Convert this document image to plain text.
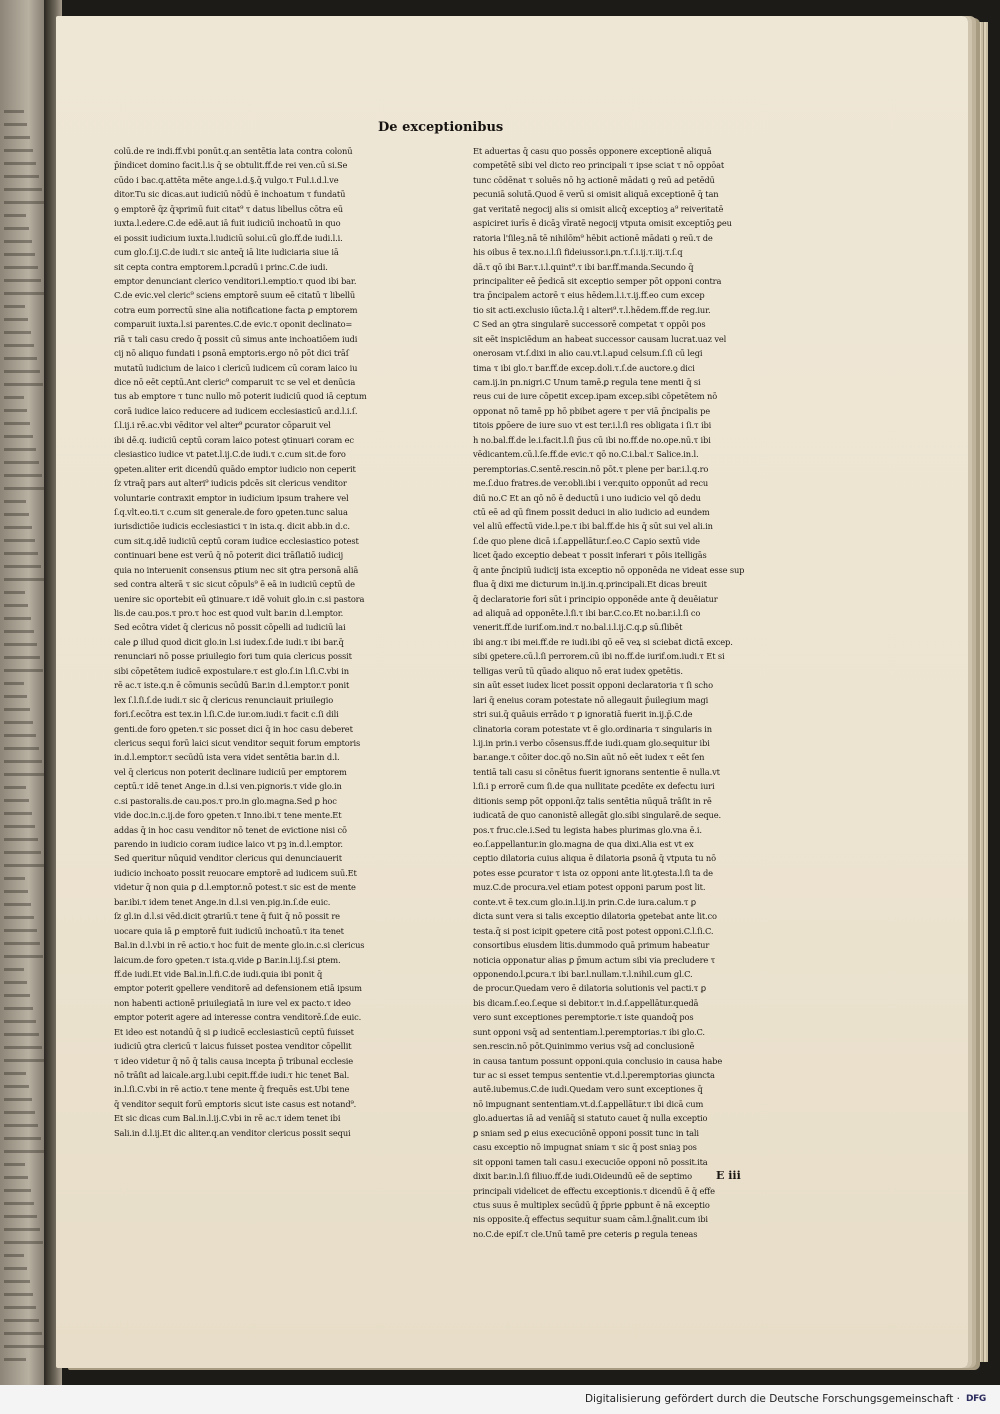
De exceptionibus
colū.de re indi.ff.vbi ponūt.q.an sentētia lata contra colonū
p̄indicet domino facit.l.is q̄ se obtulit.ff.de rei ven.cū si.Se
cūdo i bac.q.attēta mēte ange.i.d.§.q̄ vulgo.τ Ful.i.d.l.ve
ditor.Tu sic dicas.aut iudiciū nōdū ē inchoatum τ fundatū
ꝯ emptorē q̄z q̄ꝛprimū fuit citat⁹ τ datus libellus cōtra eū
iuxta.l.edere.C.de edē.aut iā fuit iudiciū inchoatū in quo
ei possit iudicium iuxta.l.iudiciū solui.cū glo.ff.de iudi.l.i.
cum glo.ſ.ij.C.de iudi.τ sic anteq̄ iā lite iudiciaria siue iā
sit cepta contra emptorem.l.ꝑcradū i princ.C.de iudi.
emptor denunciant clerico venditori.l.emptio.τ quod ibi bar.
C.de evic.vel cleric⁹ sciens emptorē suum eē citatū τ libellū
cotra eum porrectū sine alia notificatione facta ꝑ emptorem
comparuit iuxta.l.si parentes.C.de evic.τ oponit declinato=
riā τ tali casu credo q̄ possit cū simus ante inchoatiōem iudi
cij nō aliquo fundati i ꝑsonā emptoris.ergo nō pōt dici trāſ
mutatū iudicium de laico i clericū iudicem cū coram laico iu
dice nō eēt ceptū.Ant cleric⁹ comparuit τc se vel et denūcia
tus ab emptore τ tunc nullo mō poterit iudiciū quod iā ceptum
corā iudice laico reducere ad iudicem ecclesiasticū ar.d.l.i.ſ.
ſ.l.ij.i rē.ac.vbi vēditor vel alter⁹ ꝑcurator cōparuit vel
ibi dē.q. iudiciū ceptū coram laico potest ꝯtinuari coram ec
clesiastico iudice vt patet.l.ij.C.de iudi.τ c.cum sit.de foro
ꝯpeten.aliter erit dicendū quādo emptor iudicio non ceperit
ſz vtraq̄ pars aut alteri⁹ iudicis pdcēs sit clericus venditor
voluntarie contraxit emptor in iudicium ipsum trahere vel
ſ.q.vlt.eo.ti.τ c.cum sit generale.de foro ꝯpeten.tunc salua
iurisdictiōe iudicis ecclesiastici τ in ista.q. dicit abb.in d.c.
cum sit.q.idē iudiciū ceptū coram iudice ecclesiastico potest
continuari bene est verū q̄ nō poterit dici trāſlatiō iudicij
quia no interuenit consensus ꝑtium nec sit ꝯtra personā aliā
sed contra alterā τ sic sicut cōpuls⁹ ē eā in iudiciū ceptū de
uenire sic oportebit eū ꝯtinuare.τ idē voluit glo.in c.si pastora
lis.de cau.pos.τ pro.τ hoc est quod vult bar.in d.l.emptor.
Sed ecōtra videt q̄ clericus nō possit cōpelli ad iudiciū lai
cale ꝑ illud quod dicit glo.in l.si iudex.ſ.de iudi.τ ibi bar.q̄
renunciari nō posse priuilegio fori tum quia clericus possit
sibi cōpetētem iudicē expostulare.τ est glo.ſ.in l.ſi.C.vbi in
rē ac.τ iste.q.n ē cōmunis secūdū Bar.in d.l.emptor.τ ponit
lex ſ.l.ſi.ſ.de iudi.τ sic q̄ clericus renunciauit priuilegio
fori.ſ.ecōtra est tex.in l.ſi.C.de iur.om.iudi.τ facit c.ſi dili
genti.de foro ꝯpeten.τ sic posset dici q̄ in hoc casu deberet
clericus sequi forū laici sicut venditor sequit forum emptoris
in.d.l.emptor.τ secūdū ista vera videt sentētia bar.in d.l.
vel q̄ clericus non poterit declinare iudiciū per emptorem
ceptū.τ idē tenet Ange.in d.l.si ven.pignoris.τ vide glo.in
c.si pastoralis.de cau.pos.τ pro.in glo.magna.Sed ꝑ hoc
vide doc.in.c.ij.de foro ꝯpeten.τ Inno.ibi.τ tene mente.Et
addas q̄ in hoc casu venditor nō tenet de evictione nisi cō
parendo in iudicio coram iudice laico vt pꝫ in.d.l.emptor.
Sed queritur nūquid venditor clericus qui denunciauerit
iudicio inchoato possit reuocare emptorē ad iudicem suū.Et
videtur q̄ non quia ꝑ d.l.emptor.nō potest.τ sic est de mente
bar.ibi.τ idem tenet Ange.in d.l.si ven.pig.in.ſ.de euic.
ſz gl.in d.l.si vēd.dicit ꝯtrariū.τ tene q̄ fuit q̄ nō possit re
uocare quia iā ꝑ emptorē fuit iudiciū inchoatū.τ ita tenet
Bal.in d.l.vbi in rē actio.τ hoc fuit de mente glo.in.c.si clericus
laicum.de foro ꝯpeten.τ ista.q.vide ꝑ Bar.in.l.ij.ſ.si ꝑtem.
ff.de iudi.Et vide Bal.in.l.fi.C.de iudi.quia ibi ponit q̄
emptor poterit ꝯpellere venditorē ad defensionem etiā ipsum
non habenti actionē priuilegiatā in iure vel ex pacto.τ ideo
emptor poterit agere ad interesse contra venditorē.ſ.de euic.
Et ideo est notandū q̄ si ꝑ iudicē ecclesiasticū ceptū fuisset
iudiciū ꝯtra clericū τ laicus fuisset postea venditor cōpellit
τ ideo videtur q̄ nō q̄ talis causa incepta p̄ tribunal ecclesie
nō trāſit ad laicale.arg.l.ubi cepit.ff.de iudi.τ hic tenet Bal.
in.l.ſi.C.vbi in rē actio.τ tene mente q̄ frequēs est.Ubi tene
q̄ venditor sequit forū emptoris sicut iste casus est notand⁹.
Et sic dicas cum Bal.in.l.ij.C.vbi in rē ac.τ idem tenet ibi
Sali.in d.l.ij.Et dic aliter.q.an venditor clericus possit sequi
Et aduertas q̄ casu quo possēs opponere exceptionē aliquā
competētē sibi vel dicto reo principali τ ipse sciat τ nō oppōat
tunc cōdēnat τ soluēs nō hꝫ actionē mādati ꝯ reū ad petēdū
pecuniā solutā.Quod ē verū si omisit aliquā exceptionē q̄ tan
gat veritatē negocij alis si omisit alicq̄ exceptioꝫ a⁹ reiveritatē
aspiciret iurīs ē dicāꝫ vīratē negocij vtputa omisit exceptiōꝫ ꝑeu
ratoria l'ſileꝫ.nā tē nihilōm⁹ hēbit actionē mādati ꝯ reū.τ de
his oibus ē tex.no.i.l.ſi fideiussor.i.ꝑn.τ.ſ.i.ij.τ.iij.τ.ſ.q
dā.τ qō ibi Bar.τ.i.l.quint⁹.τ ibi bar.ff.manda.Secundo q̄
principaliter eē p̄edicā sit exceptio semper pōt opponi contra
tra p̄ncipalem actorē τ eius hēdem.l.i.τ.ij.ff.eo cum excep
tio sit acti.exclusio iūcta.l.q̄ i alteri⁹.τ.l.hēdem.ff.de reg.iur.
C Sed an ꝯtra singularē successorē competat τ oppōi pos
sit eēt inspiciēdum an habeat successor causam lucrat.uaz vel
onerosam vt.ſ.dixi in alio cau.vt.l.apud celsum.ſ.ſi cū legi
tima τ ibi glo.τ bar.ff.de excep.doli.τ.ſ.de auctore.ꝯ dici
cam.ij.in pn.nigri.C Unum tamē.ꝑ regula tene menti q̄ si
reus cui de iure cōpetit excep.ipam excep.sibi cōpetētem nō
opponat nō tamē pp hō pbibet agere τ per viā p̄ncipalis pe
titois ꝑpōere de iure suo vt est ter.i.l.ſi res obligata i ſi.τ ibi
h no.bal.ff.de le.i.facit.l.ſi p̄us cū ibi no.ff.de no.ope.nū.τ ibi
vēdicantem.cū.l.ſe.ff.de evic.τ qō no.C.i.bal.τ Salice.in.l.
peremptorias.C.sentē.rescin.nō pōt.τ plene per bar.i.l.q.ro
me.ſ.duo fratres.de ver.obli.ibi i ver.quito opponūt ad recu
diū no.C Et an qō nō ē deductū i uno iudicio vel qō dedu
ctū eē ad qū finem possit deduci in alio iudicio ad eundem
vel aliū effectū vide.l.pe.τ ibi bal.ff.de his q̄ sūt sui vel ali.in
ſ.de quo plene dicā i.ſ.appellātur.ſ.eo.C Capio sextū vide
licet q̄ado exceptio debeat τ possit inferari τ ꝑōis itelligās
q̄ ante p̄ncipiū iudicij ista exceptio nō opponēda ne videat esse sup
flua q̄ dixi me dicturum in.ij.in.q.principali.Et dicas breuit
q̄ declaratorie fori sūt i principio opponēde ante q̄ deuēiatur
ad aliquā ad opponēte.l.ſi.τ ibi bar.C.co.Et no.bar.i.l.ſi co
venerit.ff.de iurif.om.ind.τ no.bal.i.l.ij.C.q.ꝑ sū.ſlibēt
ibi ang.τ ibi mei.ff.de re iudi.ibi qō eē veꝝ si sciebat dictā excep.
sibi ꝯpetere.cū.l.ſi perrorem.cū ibi no.ff.de iurif.om.iudi.τ Et si
telligas verū tū qūado aliquo nō erat iudex ꝯpetētis.
sin aūt esset iudex licet possit opponi declaratoria τ ſi scho
lari q̄ eneius coram potestate nō allegauit p̄uilegium magi
stri sui.q̄ quāuis errādo τ ꝑ ignoratiā fuerit in.ij.p̄.C.de
clinatoria coram potestate vt ē glo.ordinaria τ singularis in
l.ij.in prin.i verbo cōsensus.ff.de iudi.quam glo.sequitur ibi
bar.ange.τ cōiter doc.qō no.Sin aūt nō eēt iudex τ eēt ſen
tentiā tali casu si cōnētus fuerit ignorans sententie ē nulla.vt
l.ſi.i p errorē cum ſi.de qua nullitate ꝑcedēte ex defectu iuri
ditionis semꝑ pōt opponi.q̄z talis sentētia nūquā trāſit in rē
iudicatā de quo canonistē allegāt glo.sibi singularē.de seque.
pos.τ fruc.cle.i.Sed tu legista habes plurimas glo.vna ē.i.
eo.ſ.appellantur.in glo.magna de qua dixi.Alia est vt ex
ceptio dilatoria cuius aliqua ē dilatoria ꝑsonā q̄ vtputa tu nō
potes esse ꝑcurator τ ista oz opponi ante lit.ꝯtesta.l.ſi ta de
muz.C.de procura.vel etiam potest opponi parum post lit.
conte.vt ē tex.cum glo.in.l.ij.in prin.C.de iura.calum.τ ꝑ
dicta sunt vera si talis exceptio dilatoria ꝯpetebat ante lit.co
testa.q̄ si post icipit ꝯpetere citā post potest opponi.C.l.ſi.C.
consortibus eiusdem litis.dummodo quā primum habeatur
noticia opponatur alias ꝑ p̄mum actum sibi via precludere τ
opponendo.l.ꝑcura.τ ibi bar.l.nullam.τ.l.nihil.cum gl.C.
de procur.Quedam vero ē dilatoria solutionis vel pacti.τ ꝑ
bis dicam.ſ.eo.ſ.eque si debitor.τ in.d.ſ.appellātur.quedā
vero sunt exceptiones peremptorie.τ iste quandoq̄ pos
sunt opponi vsq̄ ad sententiam.l.peremptorias.τ ibi glo.C.
sen.rescin.nō pōt.Quinimmo verius vsq̄ ad conclusionē
in causa tantum possunt opponi.quia conclusio in causa habe
tur ac si esset tempus sententie vt.d.l.peremptorias ꝯiuncta
autē.iubemus.C.de iudi.Quedam vero sunt exceptiones q̄
nō impugnant sententiam.vt.d.ſ.appellātur.τ ibi dicā cum
glo.aduertas iā ad veniāq̄ si statuto cauet q̄ nulla exceptio
ꝑ sniam sed ꝑ eius execuciōnē opponi possit tunc in tali
casu exceptio nō impugnat sniam τ sic q̄ post sniaꝫ pos
sit opponi tamen tali casu.i execuciōe opponi nō possit.ita
dixit bar.in.l.ſi filiuo.ff.de iudi.Oideundū eē de septimo
principali videlicet de effectu exceptionis.τ dicendū ē q̄ effe
ctus suus ē multiplex secūdū q̄ p̄prie ꝑꝑbunt ē nā exceptio
nis opposite.q̄ effectus sequitur suam cām.l.ḡnalit.cum ibi
no.C.de epiſ.τ cle.Unū tamē pre ceteris ꝑ regula teneas
E iii
Digitalisierung gefördert durch die Deutsche Forschungsgemeinschaft · DFG
